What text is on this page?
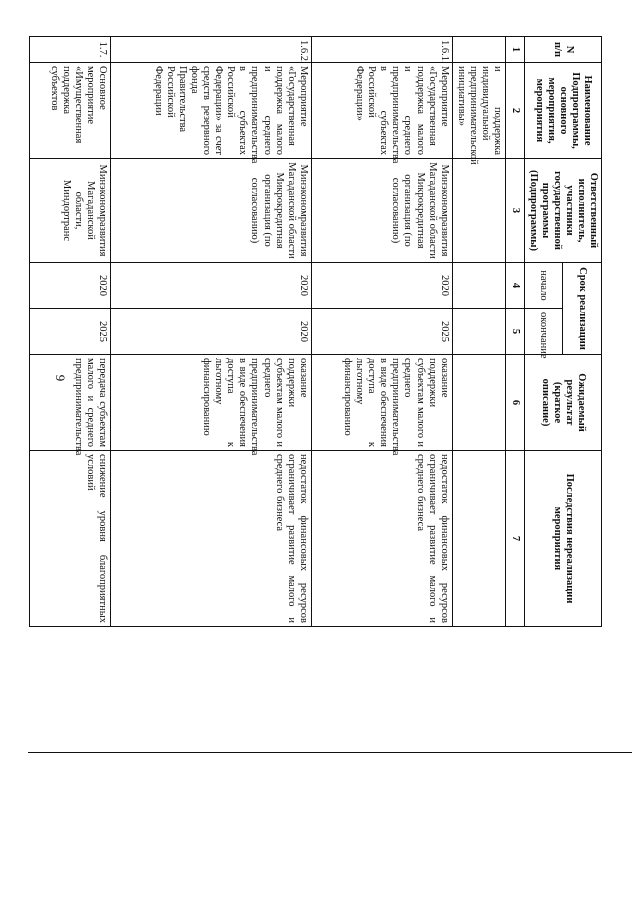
9
N п/п	Наименование Подпрограммы, основного мероприятия, мероприятия	Ответственный исполнитель, участники государственной программы (Подпрограммы)	Срок реализации		Ожидаемый результат (краткое описание)	Последствия нереализации мероприятия
			начало	окончание		
1	2	3	4	5	6	7
	и поддержка индивидуальной предпринимательской инициативы»					
1.6.1.	Мероприятие «Государственная поддержка малого и среднего предпринимательства в субъектах Российской Федерации»	Минэкономразвития Магаданской области Микрокредитная организация (по согласованию)	2020	2025	оказание поддержки субъектам малого и среднего предпринимательства в виде обеспечения доступа к льготному финансированию	недостаток финансовых ресурсов ограничивает развитие малого и среднего бизнеса
1.6.2.	Мероприятие «Государственная поддержка малого и среднего предпринимательства в субъектах Российской Федерации» за счет средств резервного фонда Правительства Российской Федерации	Минэкономразвития Магаданской области Микрокредитная организация (по согласованию)	2020	2020	оказание поддержки субъектам малого и среднего предпринимательства в виде обеспечения доступа к льготному финансированию	недостаток финансовых ресурсов ограничивает развитие малого и среднего бизнеса
1.7.	Основное мероприятие «Имущественная поддержка субъектов	Минэкономразвития Магаданской области, Миндортранс	2020	2025	передача субъектам малого и среднего предпринимательства	снижение уровня благоприятных условий
